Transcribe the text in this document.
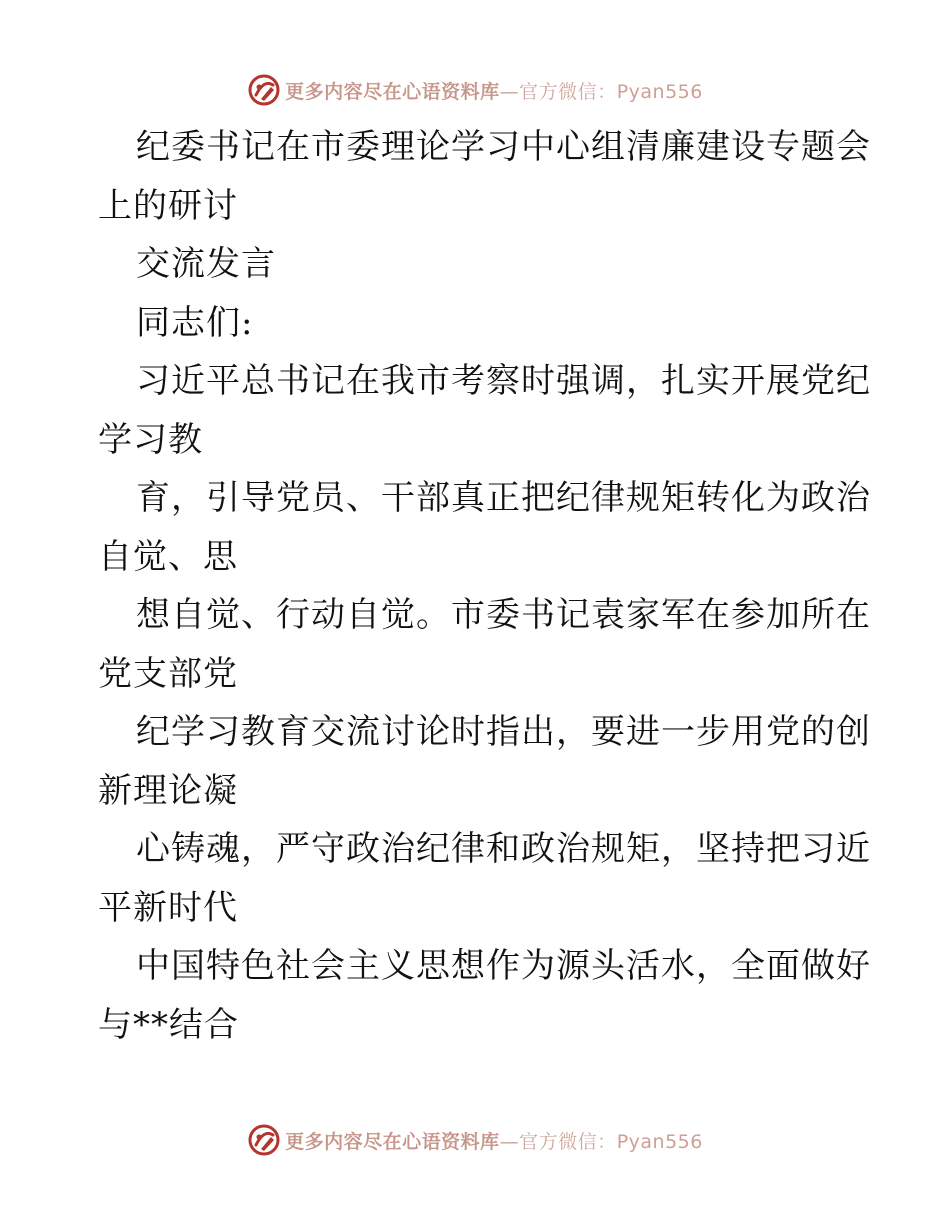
更多内容尽在心语资料库—官方微信：Pyan556
纪委书记在市委理论学习中心组清廉建设专题会
上的研讨
交流发言
同志们:
习近平总书记在我市考察时强调，扎实开展党纪
学习教
育，引导党员、干部真正把纪律规矩转化为政治
自觉、思
想自觉、行动自觉。市委书记袁家军在参加所在
党支部党
纪学习教育交流讨论时指出，要进一步用党的创
新理论凝
心铸魂，严守政治纪律和政治规矩，坚持把习近
平新时代
中国特色社会主义思想作为源头活水，全面做好
与**结合
更多内容尽在心语资料库—官方微信：Pyan556
